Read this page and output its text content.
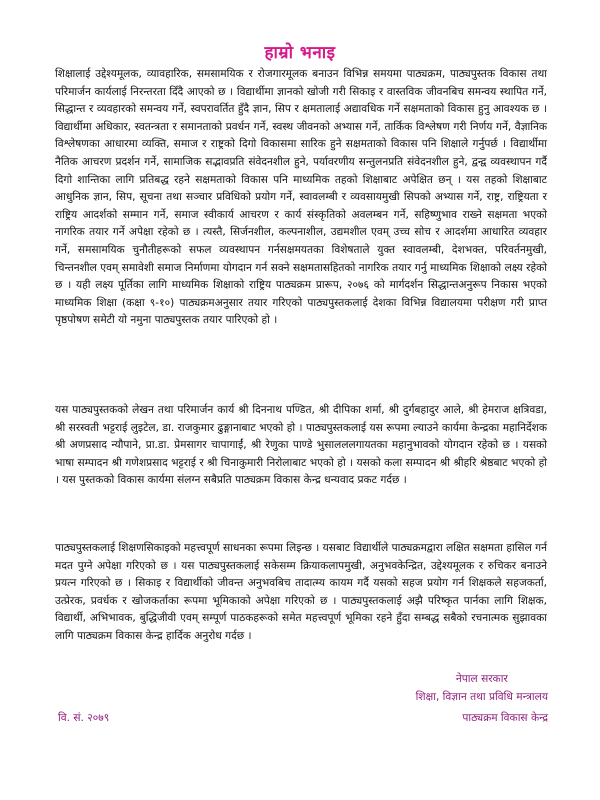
हाम्रो भनाइ

शिक्षालाई उद्देश्यमूलक, व्यावहारिक, समसामयिक र रोजगारमूलक बनाउन विभिन्न समयमा पाठ्यक्रम, पाठ्यपुस्तक विकास तथा परिमार्जन कार्यलाई निरन्तरता दिँदै आएको छ । विद्यार्थीमा ज्ञानको खोजी गरी सिकाइ र वास्तविक जीवनबिच समन्वय स्थापित गर्ने, सिद्धान्त र व्यवहारको समन्वय गर्ने, स्वपरावर्तित हुँदै ज्ञान, सिप र क्षमतालाई अद्यावधिक गर्ने सक्षमताको विकास हुनु आवश्यक छ । विद्यार्थीमा अधिकार, स्वतन्त्रता र समानताको प्रवर्धन गर्ने, स्वस्थ जीवनको अभ्यास गर्ने, तार्किक विश्लेषण गरी निर्णय गर्ने, वैज्ञानिक विश्लेषणका आधारमा व्यक्ति, समाज र राष्ट्रको दिगो विकासमा सारिक हुने सक्षमताको विकास पनि शिक्षाले गर्नुपर्छ । विद्यार्थीमा नैतिक आचरण प्रदर्शन गर्ने, सामाजिक सद्भावप्रति संवेदनशील हुने, पर्यावरणीय सन्तुलनप्रति संवेदनशील हुने, द्वन्द्व व्यवस्थापन गर्दै दिगो शान्तिका लागि प्रतिबद्ध रहने सक्षमताको विकास पनि माध्यमिक तहको शिक्षाबाट अपेक्षित छन् । यस तहको शिक्षाबाट आधुनिक ज्ञान, सिप, सूचना तथा सञ्चार प्रविधिको प्रयोग गर्ने, स्वावलम्बी र व्यवसायमुखी सिपको अभ्यास गर्ने, राष्ट्र, राष्ट्रियता र राष्ट्रिय आदर्शको सम्मान गर्ने, समाज स्वीकार्य आचरण र कार्य संस्कृतिको अवलम्बन गर्ने, सहिष्णुभाव राख्ने सक्षमता भएको नागरिक तयार गर्ने अपेक्षा रहेको छ । त्यस्तै, सिर्जनशील, कल्पनाशील, उद्यमशील एवम् उच्च सोच र आदर्शमा आधारित व्यवहार गर्ने, समसामयिक चुनौतीहरूको सफल व्यवस्थापन गर्नसक्षमयतका विशेषताले युक्त स्वावलम्बी, देशभक्त, परिवर्तनमुखी, चिन्तनशील एवम् समावेशी समाज निर्माणमा योगदान गर्न सक्ने सक्षमतासहितको नागरिक तयार गर्नु माध्यमिक शिक्षाको लक्ष्य रहेको छ । यही लक्ष्य पूर्तिका लागि माध्यमिक शिक्षाको राष्ट्रिय पाठ्यक्रम प्रारूप, २०७६ को मार्गदर्शन सिद्धान्तअनुरूप निकास भएको माध्यमिक शिक्षा (कक्षा ९-१०) पाठ्यक्रमअनुसार तयार गरिएको पाठ्यपुस्तकलाई देशका विभिन्न विद्यालयमा परीक्षण गरी प्राप्त पृष्ठपोषण समेटी यो नमुना पाठ्यपुस्तक तयार पारिएको हो ।

यस पाठ्यपुस्तकको लेखन तथा परिमार्जन कार्य श्री दिननाथ पण्डित, श्री दीपिका शर्मा, श्री दुर्गबहादुर आले, श्री हेमराज क्षत्रिवडा, श्री सरस्वती भट्टराई लुइटेल, डा. राजकुमार ढुङ्गानाबाट भएको हो । पाठ्यपुस्तकलाई यस रूपमा ल्याउने कार्यमा केन्द्रका महानिर्देशक श्री अणप्रसाद न्यौपाने, प्रा.डा. प्रेमसागर चापागाईं, श्री रेणुका पाण्डे भुसालललगायतका महानुभावको योगदान रहेको छ । यसको भाषा सम्पादन श्री गणेशप्रसाद भट्टराई र श्री चिनाकुमारी निरोलाबाट भएको हो । यसको कला सम्पादन श्री श्रीहरि श्रेष्ठबाट भएको हो । यस पुस्तकको विकास कार्यमा संलग्न सबैप्रति पाठ्यक्रम विकास केन्द्र धन्यवाद प्रकट गर्दछ ।

पाठ्यपुस्तकलाई शिक्षणसिकाइको महत्त्वपूर्ण साधनका रूपमा लिइन्छ । यसबाट विद्यार्थीले पाठ्यक्रमद्वारा लक्षित सक्षमता हासिल गर्न मदत पुग्ने अपेक्षा गरिएको छ । यस पाठ्यपुस्तकलाई सकेसम्म क्रियाकलापमुखी, अनुभवकेन्द्रित, उद्देश्यमूलक र रुचिकर बनाउने प्रयत्न गरिएको छ । सिकाइ र विद्यार्थीको जीवन्त अनुभवबिच तादात्म्य कायम गर्दै यसको सहज प्रयोग गर्न शिक्षकले सहजकर्ता, उत्प्रेरक, प्रवर्धक र खोजकर्ताका रूपमा भूमिकाको अपेक्षा गरिएको छ । पाठ्यपुस्तकलाई अझै परिष्कृत पार्नका लागि शिक्षक, विद्यार्थी, अभिभावक, बुद्धिजीवी एवम् सम्पूर्ण पाठकहरूको समेत महत्त्वपूर्ण भूमिका रहने हुँदा सम्बद्ध सबैको रचनात्मक सुझावका लागि पाठ्यक्रम विकास केन्द्र हार्दिक अनुरोध गर्दछ ।

नेपाल सरकार
शिक्षा, विज्ञान तथा प्रविधि मन्त्रालय
वि. सं. २०७९	पाठ्यक्रम विकास केन्द्र
